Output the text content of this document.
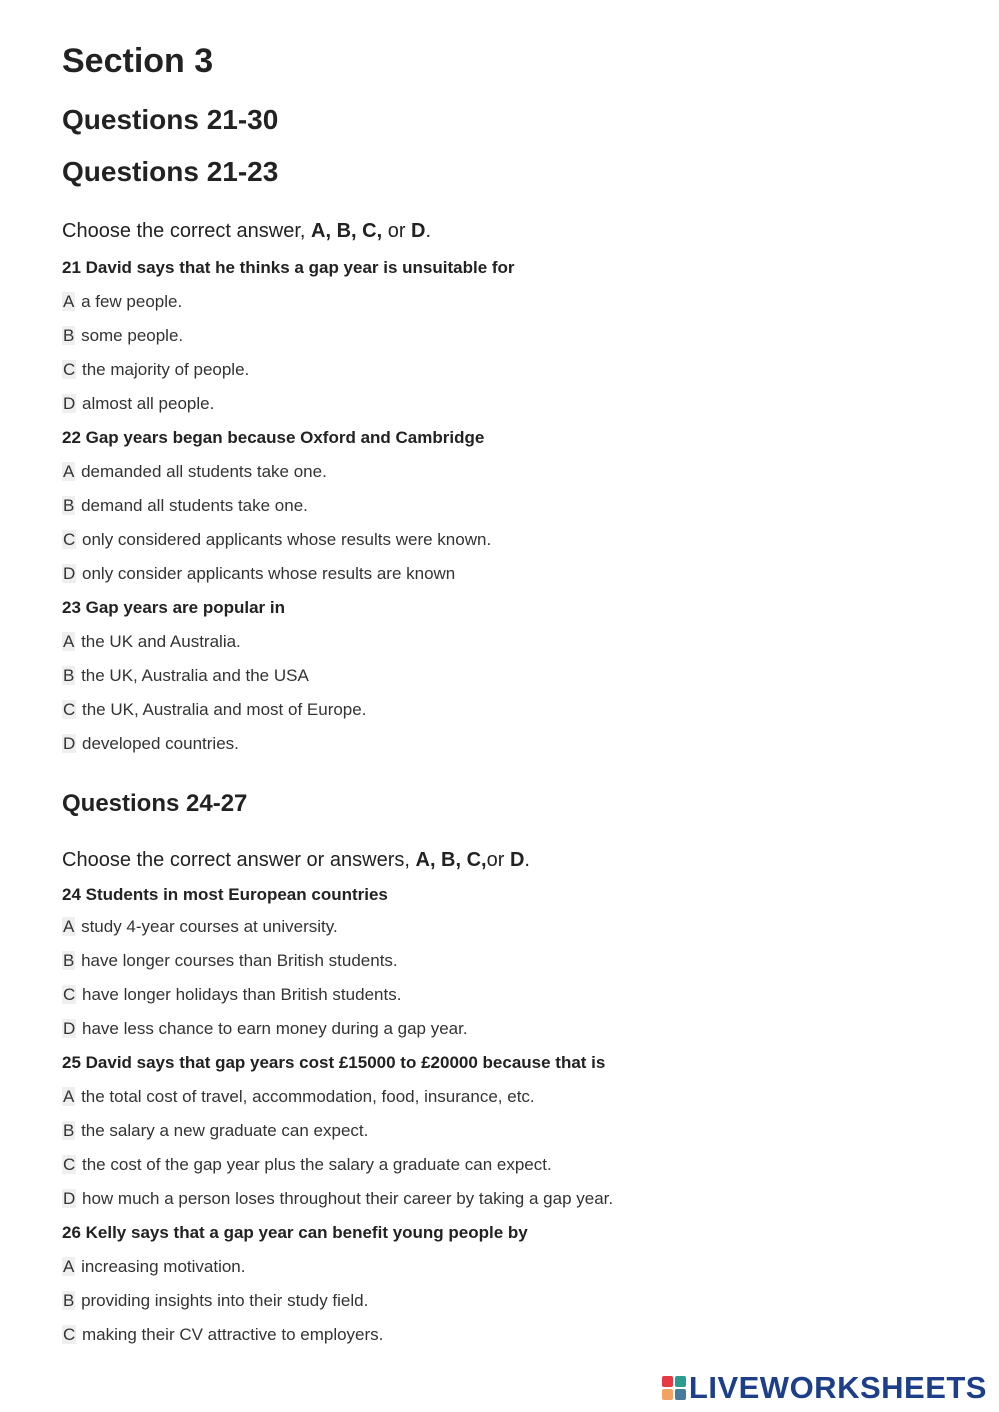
Section 3
Questions 21-30
Questions 21-23
Choose the correct answer, A, B, C, or D.
21 David says that he thinks a gap year is unsuitable for
A a few people.
B some people.
C the majority of people.
D almost all people.
22 Gap years began because Oxford and Cambridge
A demanded all students take one.
B demand all students take one.
C only considered applicants whose results were known.
D only consider applicants whose results are known
23 Gap years are popular in
A the UK and Australia.
B the UK, Australia and the USA
C the UK, Australia and most of Europe.
D developed countries.
Questions 24-27
Choose the correct answer or answers, A, B, C,or D.
24 Students in most European countries
A study 4-year courses at university.
B have longer courses than British students.
C have longer holidays than British students.
D have less chance to earn money during a gap year.
25 David says that gap years cost £15000 to £20000 because that is
A the total cost of travel, accommodation, food, insurance, etc.
B the salary a new graduate can expect.
C the cost of the gap year plus the salary a graduate can expect.
D how much a person loses throughout their career by taking a gap year.
26 Kelly says that a gap year can benefit young people by
A increasing motivation.
B providing insights into their study field.
C making their CV attractive to employers.
LIVEWORKSHEETS
